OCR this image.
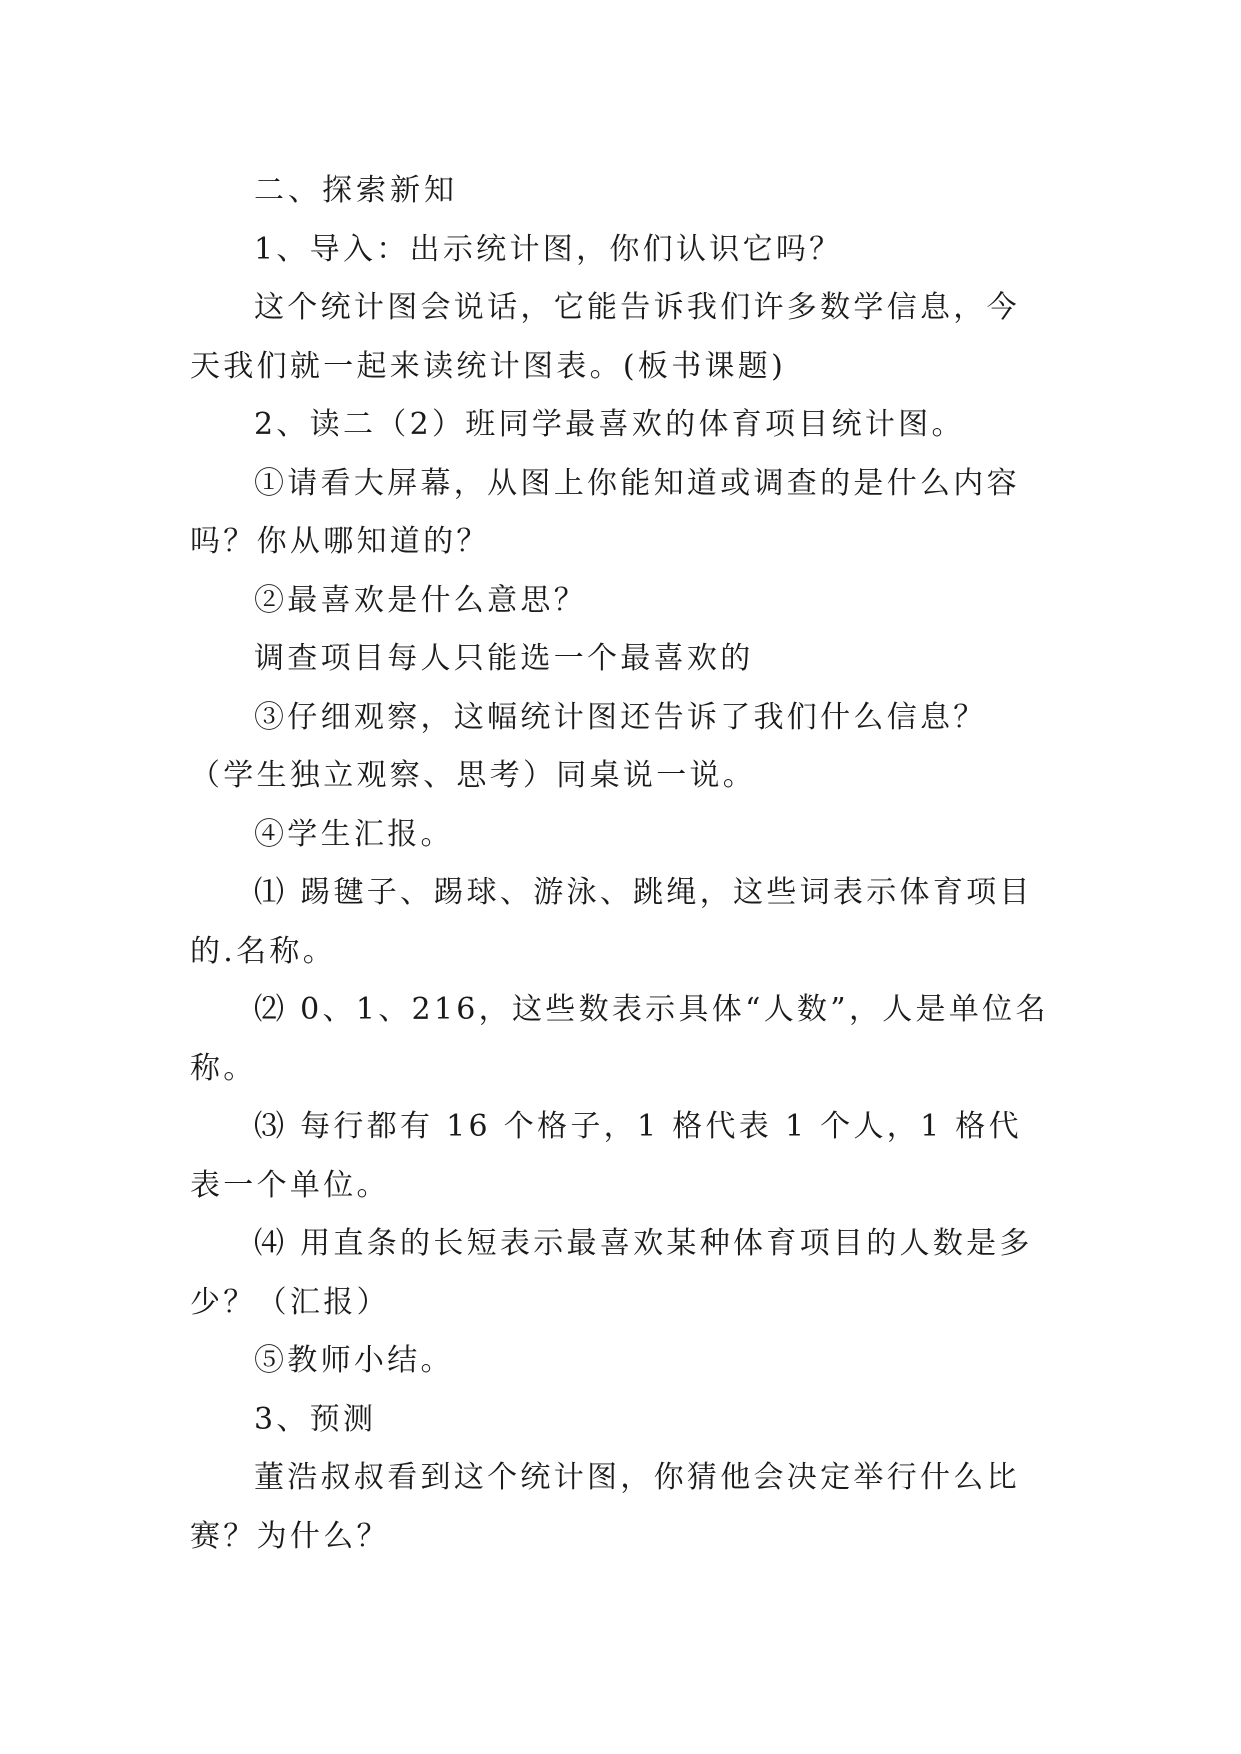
二、探索新知

1、导入：出示统计图，你们认识它吗？

这个统计图会说话，它能告诉我们许多数学信息，今天我们就一起来读统计图表。(板书课题)

2、读二（2）班同学最喜欢的体育项目统计图。

①请看大屏幕，从图上你能知道或调查的是什么内容吗？你从哪知道的？

②最喜欢是什么意思？

调查项目每人只能选一个最喜欢的

③仔细观察，这幅统计图还告诉了我们什么信息？（学生独立观察、思考）同桌说一说。

④学生汇报。

⑴ 踢毽子、踢球、游泳、跳绳，这些词表示体育项目的.名称。

⑵ 0、1、216，这些数表示具体“人数”，人是单位名称。

⑶ 每行都有 16 个格子，1 格代表 1 个人，1 格代表一个单位。

⑷ 用直条的长短表示最喜欢某种体育项目的人数是多少？（汇报）

⑤教师小结。

3、预测

董浩叔叔看到这个统计图，你猜他会决定举行什么比赛？为什么？
